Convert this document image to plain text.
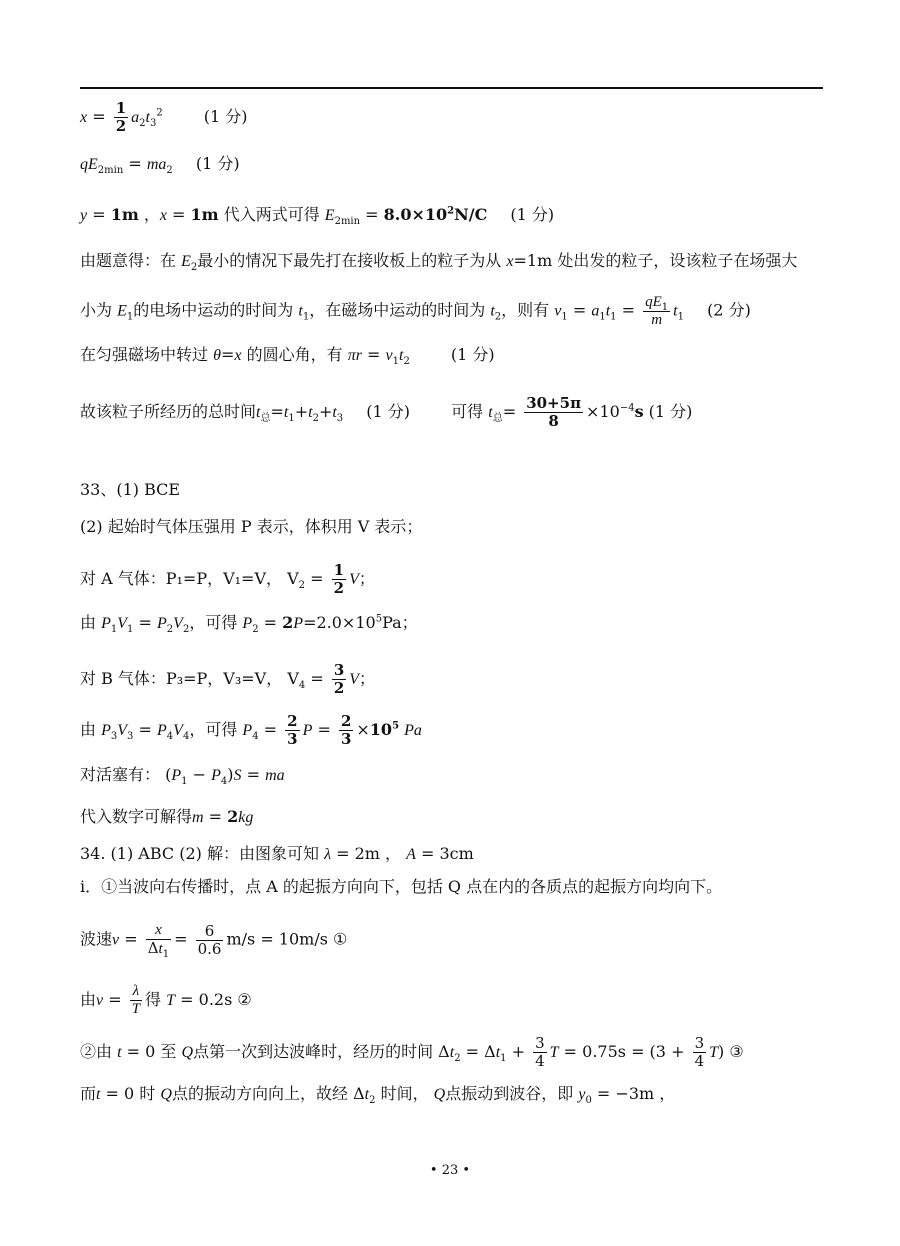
$x = \frac{1}{2} a_2t_3^2$	(1 分)
$qE_{2min} = ma_2$ (1 分)
y = 1m ，x = 1m 代入两式可得 $E_{2min} = 8.0\times 10^2N/C$ (1 分)
由题意得：在 $E_2$最小的情况下最先打在接收板上的粒子为从 x=1m 处出发的粒子，设该粒子在场强大
小为 $E_1$的电场中运动的时间为 $t_1$，在磁场中运动的时间为 $t_2$，则有 $v_1 = a_1t_1 = \frac{qE_1}{m} t_1$ (2 分)
在匀强磁场中转过 θ=x 的圆心角，有 $\pi r = v_1t_2$	(1 分)
故该粒子所经历的总时间$t_总=t_1+t_2+t_3$ (1 分)	可得 $t_总= \frac{30+5\pi}{8} \times 10^{-4}s$ (1 分)
33、(1) BCE
(2) 起始时气体压强用 P 表示，体积用 V 表示；
对 A 气体：P₁=P，V₁=V， $V_2 = \frac{1}{2}$ V；
由 $P_1V_1 = P_2V_2$，可得 $P_2 = 2P=2.0\times 10^5Pa$；
对 B 气体：P₃=P，V₃=V， $V_4 = \frac{3}{2}$ V；
由 $P_3V_3 = P_4V_4$，可得 $P_4 = \frac{2}{3}$ $P = \frac{2}{3} \times 10^5$ Pa
对活塞有： $(P_1 - P_4)S$ = ma
代入数字可解得m = 2kg
34. (1) ABC (2) 解：由图象可知 λ = 2m ， A = 3cm
i．①当波向右传播时，点 A 的起振方向向下，包括 Q 点在内的各质点的起振方向均向下。
波速$v = \frac{x}{\Delta t_1} = \frac{6}{0.6} m/s = 10m/s$ ①
由$v = \frac{\lambda}{T}$ 得 T = 0.2s ②
②由 t = 0 至 Q点第一次到达波峰时，经历的时间 $\Delta t_2 = \Delta t_1 + \frac{3}{4}$ $T = 0.75s = (3 + \frac{3}{4} T)$ ③
而t = 0 时 Q点的振动方向向上，故经 $\Delta t_2$ 时间， Q点振动到波谷，即 $y_0 = -3m$ ，
• 23 •
